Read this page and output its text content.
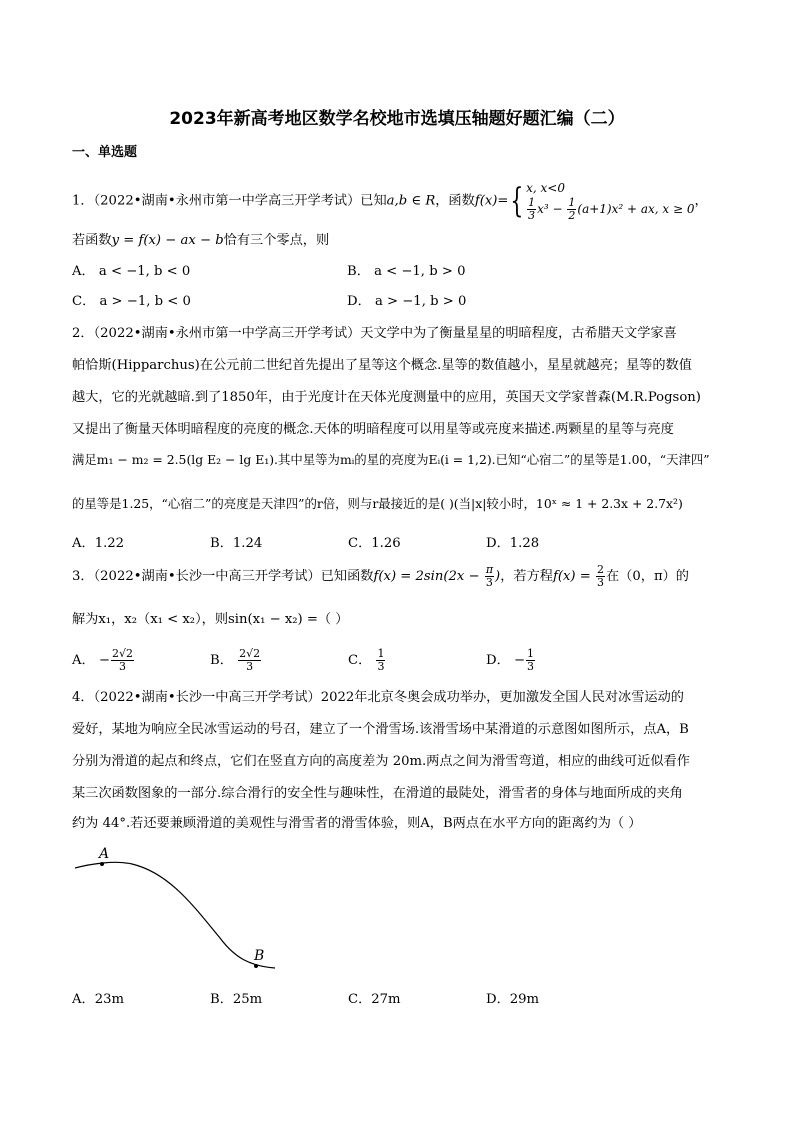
2023年新高考地区数学名校地市选填压轴题好题汇编（二）
一、单选题
1．（2022•湖南•永州市第一中学高三开学考试）已知a,b ∈ R，函数f(x)={ x, x<0
$\frac{1}{3} x^3 - \frac{1}{2} (a+1)x^2$ + ax, x ≥ 0
，
若函数y = f(x) − ax − b恰有三个零点，则
A． a < −1, b < 0	B． a < −1, b > 0
C． a > −1, b < 0	D． a > −1, b > 0
2．（2022•湖南•永州市第一中学高三开学考试）天文学中为了衡量星星的明暗程度，古希腊天文学家喜
帕恰斯(Hipparchus)在公元前二世纪首先提出了星等这个概念.星等的数值越小，星星就越亮；星等的数值
越大，它的光就越暗.到了1850年，由于光度计在天体光度测量中的应用，英国天文学家普森(M.R.Pogson)
又提出了衡量天体明暗程度的亮度的概念.天体的明暗程度可以用星等或亮度来描述.两颗星的星等与亮度
满足m₁ − m₂ = 2.5(lg E₂ − lg E₁).其中星等为mᵢ的星的亮度为Eᵢ(i = 1,2).已知“心宿二”的星等是1.00，“天津四”
的星等是1.25，“心宿二”的亮度是天津四”的r倍，则与r最接近的是( )(当|x|较小时，10ˣ ≈ 1 + 2.3x + 2.7x²)
A．1.22	B．1.24	C．1.26	D．1.28
3．（2022•湖南•长沙一中高三开学考试）已知函数$f(x) = 2\sin(2x - \frac{\pi}{3}$ )，若方程$f(x) = \frac{2}{3}$ 在（0，π）的
解为x₁，x₂（x₁ < x₂），则sin(x₁ − x₂) =（ ）
A． − $\frac{2√2}{3}$	B． $\frac{2√2}{3}$	C． $\frac{1}{3}$	D． − $\frac{1}{3}$
4．（2022•湖南•长沙一中高三开学考试）2022年北京冬奥会成功举办，更加激发全国人民对冰雪运动的
爱好，某地为响应全民冰雪运动的号召，建立了一个滑雪场.该滑雪场中某滑道的示意图如图所示，点A，B
分别为滑道的起点和终点，它们在竖直方向的高度差为 20m.两点之间为滑雪弯道，相应的曲线可近似看作
某三次函数图象的一部分.综合滑行的安全性与趣味性，在滑道的最陡处，滑雪者的身体与地面所成的夹角
约为 44°.若还要兼顾滑道的美观性与滑雪者的滑雪体验，则A，B两点在水平方向的距离约为（ ）
A
B
A．23m	B．25m	C．27m	D．29m
